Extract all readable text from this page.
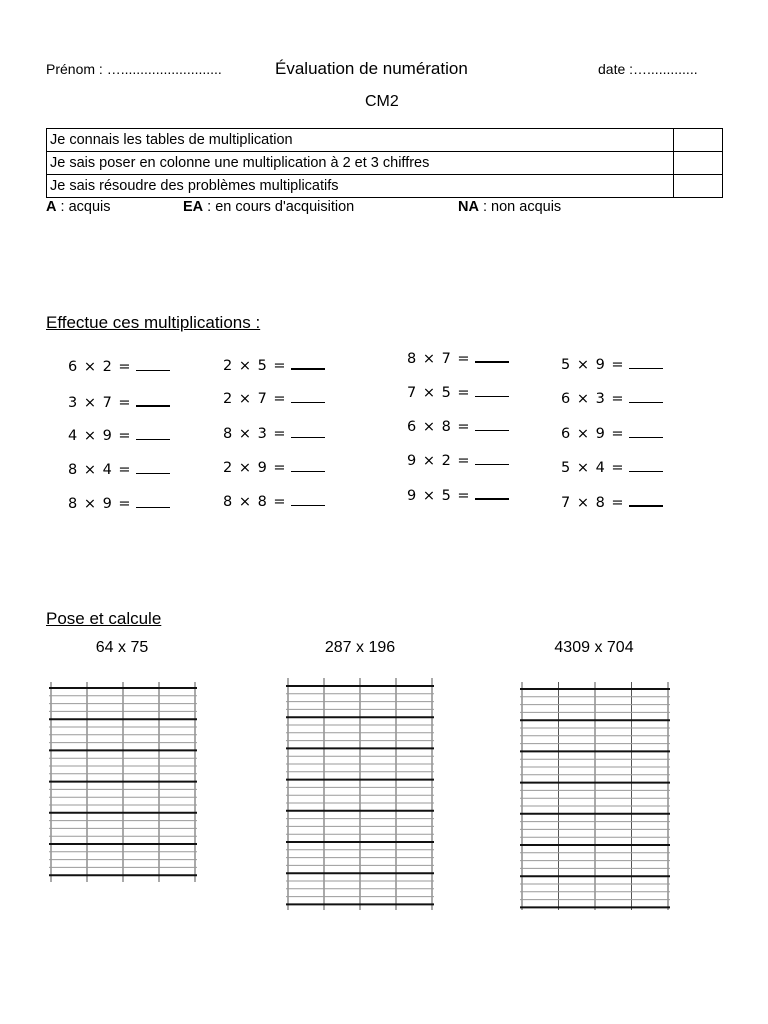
Prénom : …..........................	Évaluation de numération	date :….............
CM2
Je connais les tables de multiplication	
Je sais poser en colonne une multiplication à 2 et 3 chiffres	
Je sais résoudre des problèmes multiplicatifs	
A : acquis	EA : en cours d'acquisition	NA : non acquis
Effectue ces multiplications :
6 × 2 =
3 × 7 =
4 × 9 =
8 × 4 =
8 × 9 =
2 × 5 =
2 × 7 =
8 × 3 =
2 × 9 =
8 × 8 =
8 × 7 =
7 × 5 =
6 × 8 =
9 × 2 =
9 × 5 =
5 × 9 =
6 × 3 =
6 × 9 =
5 × 4 =
7 × 8 =
Pose et calcule
64 x 75	287 x 196	4309 x 704
